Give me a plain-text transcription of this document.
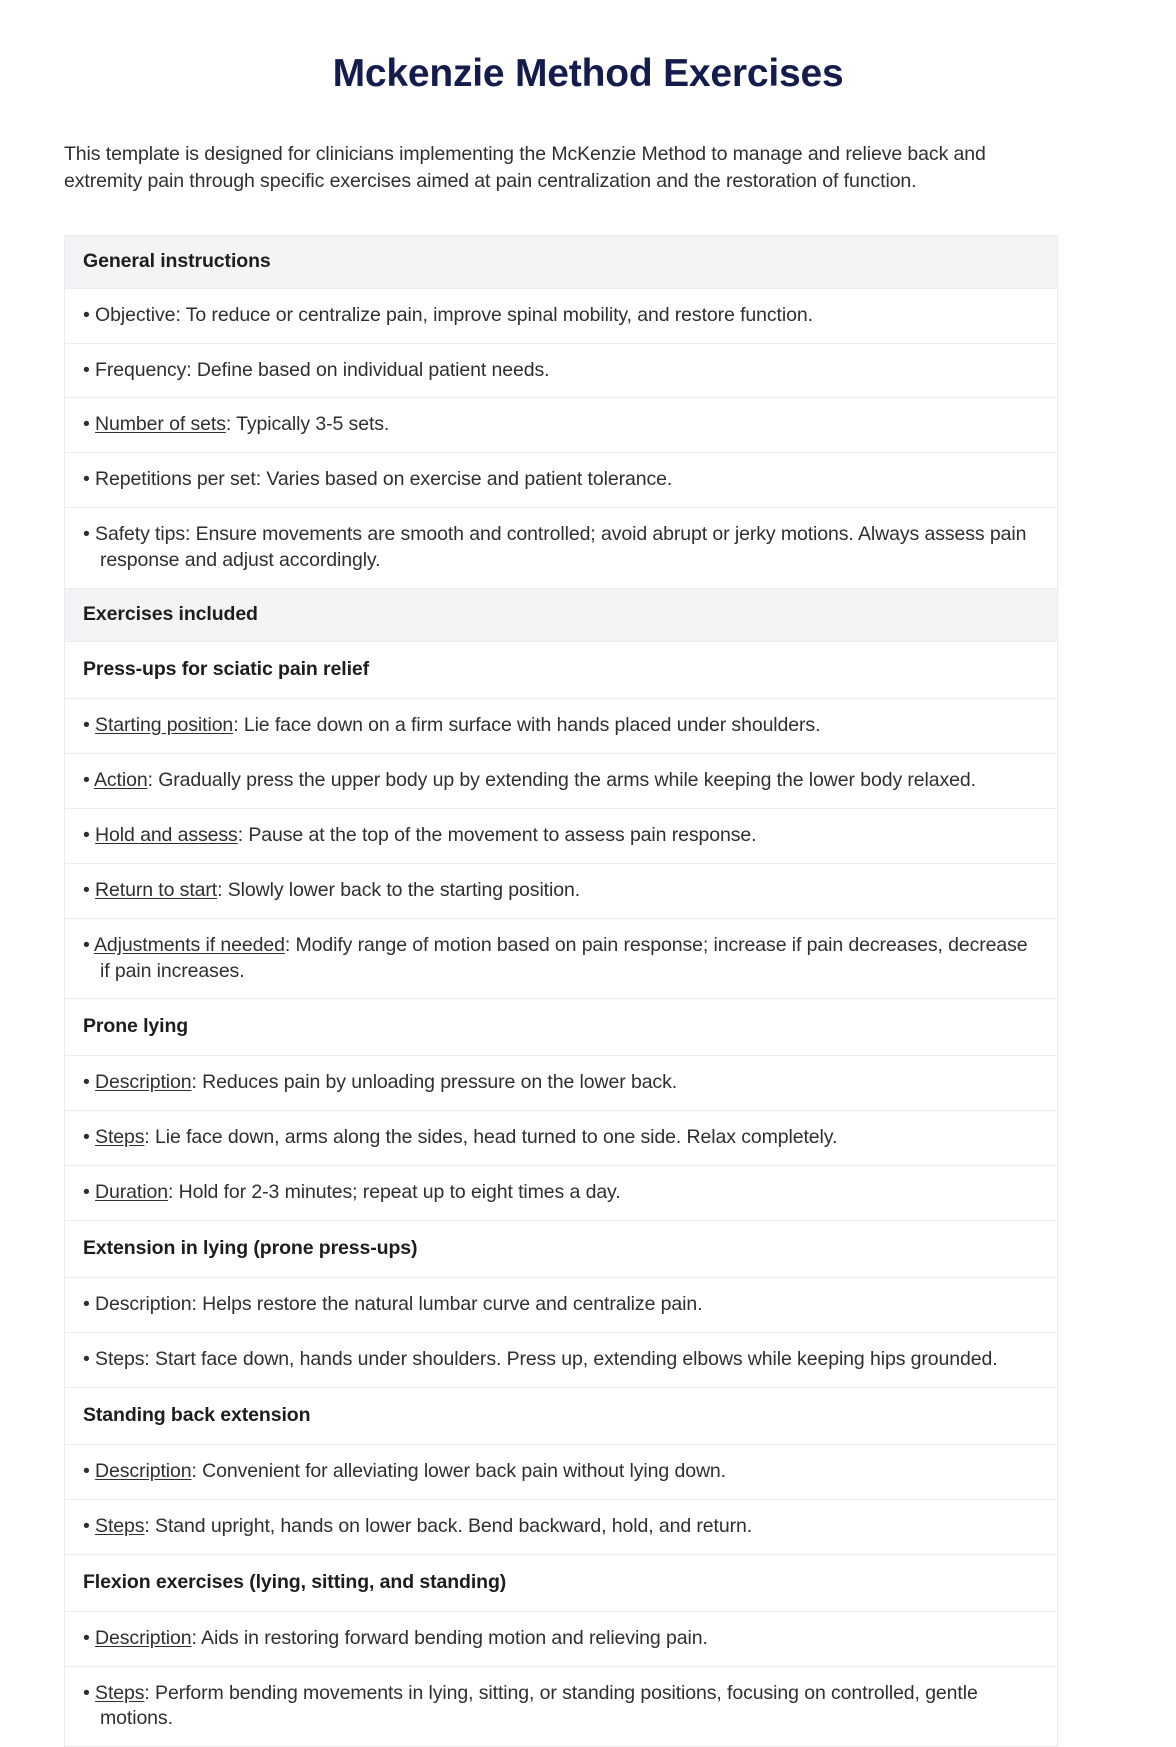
Mckenzie Method Exercises

This template is designed for clinicians implementing the McKenzie Method to manage and relieve back and extremity pain through specific exercises aimed at pain centralization and the restoration of function.

General instructions
• Objective: To reduce or centralize pain, improve spinal mobility, and restore function.
• Frequency: Define based on individual patient needs.
• Number of sets: Typically 3-5 sets.
• Repetitions per set: Varies based on exercise and patient tolerance.
• Safety tips: Ensure movements are smooth and controlled; avoid abrupt or jerky motions. Always assess pain response and adjust accordingly.
Exercises included
Press-ups for sciatic pain relief
• Starting position: Lie face down on a firm surface with hands placed under shoulders.
• Action: Gradually press the upper body up by extending the arms while keeping the lower body relaxed.
• Hold and assess: Pause at the top of the movement to assess pain response.
• Return to start: Slowly lower back to the starting position.
• Adjustments if needed: Modify range of motion based on pain response; increase if pain decreases, decrease if pain increases.
Prone lying
• Description: Reduces pain by unloading pressure on the lower back.
• Steps: Lie face down, arms along the sides, head turned to one side. Relax completely.
• Duration: Hold for 2-3 minutes; repeat up to eight times a day.
Extension in lying (prone press-ups)
• Description: Helps restore the natural lumbar curve and centralize pain.
• Steps: Start face down, hands under shoulders. Press up, extending elbows while keeping hips grounded.
Standing back extension
• Description: Convenient for alleviating lower back pain without lying down.
• Steps: Stand upright, hands on lower back. Bend backward, hold, and return.
Flexion exercises (lying, sitting, and standing)
• Description: Aids in restoring forward bending motion and relieving pain.
• Steps: Perform bending movements in lying, sitting, or standing positions, focusing on controlled, gentle motions.
